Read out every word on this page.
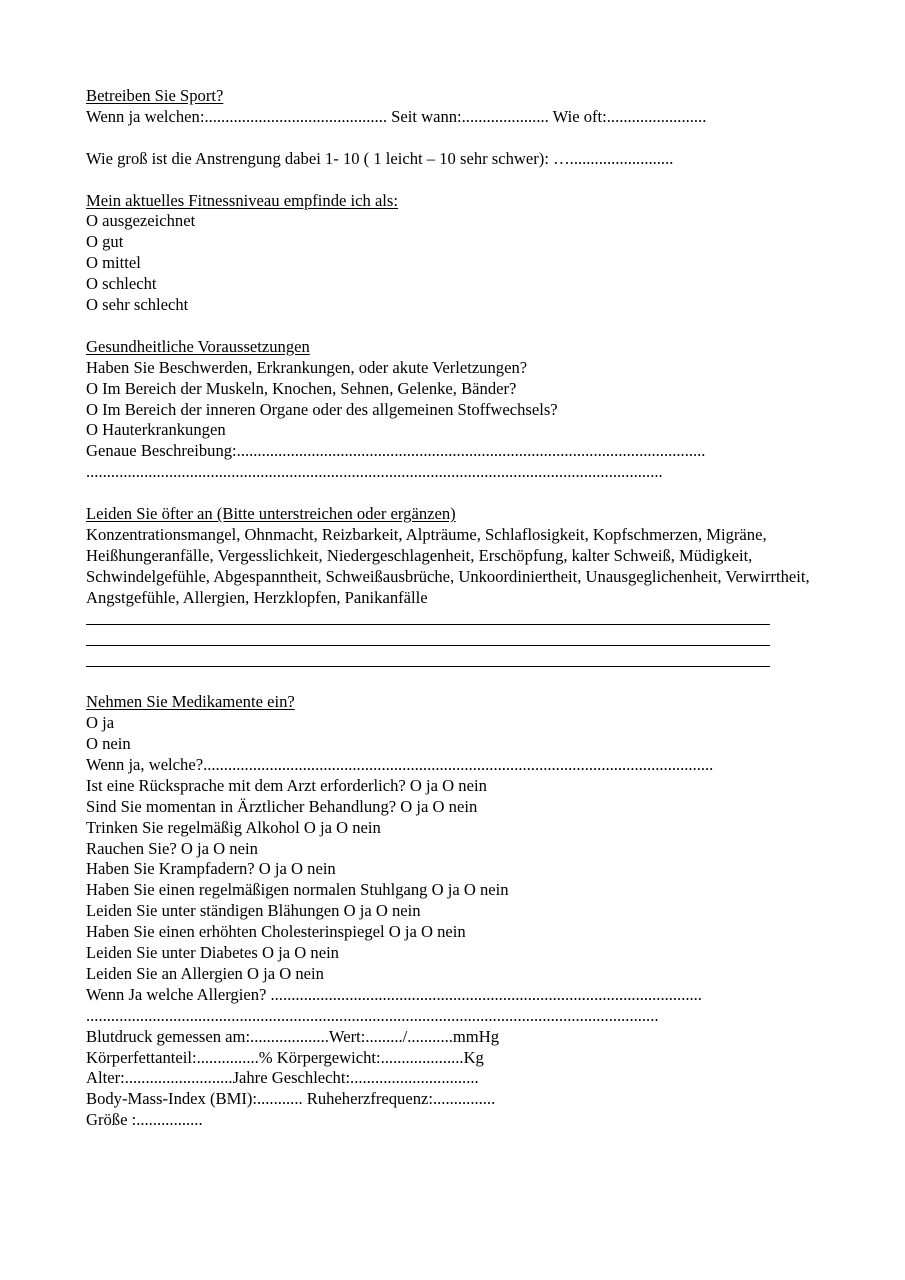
Betreiben Sie Sport?

Wenn ja welchen:............................................ Seit wann:..................... Wie oft:........................

Wie groß ist die Anstrengung dabei 1- 10 ( 1 leicht – 10 sehr schwer): ….........................

Mein aktuelles Fitnessniveau empfinde ich als:

O ausgezeichnet

O gut

O mittel

O schlecht

O sehr schlecht

Gesundheitliche Voraussetzungen

Haben Sie Beschwerden, Erkrankungen, oder akute Verletzungen?

O Im Bereich der Muskeln, Knochen, Sehnen, Gelenke, Bänder?

O Im Bereich der inneren Organe oder des allgemeinen Stoffwechsels?

O Hauterkrankungen

Genaue Beschreibung:.................................................................................................................

...........................................................................................................................................

Leiden Sie öfter an (Bitte unterstreichen oder ergänzen)

Konzentrationsmangel, Ohnmacht, Reizbarkeit, Alpträume, Schlaflosigkeit, Kopfschmerzen, Migräne, Heißhungeranfälle, Vergesslichkeit, Niedergeschlagenheit, Erschöpfung, kalter Schweiß, Müdigkeit, Schwindelgefühle, Abgespanntheit, Schweißausbrüche, Unkoordiniertheit, Unausgeglichenheit, Verwirrtheit, Angstgefühle, Allergien, Herzklopfen, Panikanfälle

Nehmen Sie Medikamente ein?

O ja

O nein

Wenn ja, welche?...........................................................................................................................

Ist eine Rücksprache mit dem Arzt erforderlich? O ja O nein

Sind Sie momentan in Ärztlicher Behandlung? O ja O nein

Trinken Sie regelmäßig Alkohol O ja O nein

Rauchen Sie? O ja O nein

Haben Sie Krampfadern? O ja O nein

Haben Sie einen regelmäßigen normalen Stuhlgang O ja O nein

Leiden Sie unter ständigen Blähungen O ja O nein

Haben Sie einen erhöhten Cholesterinspiegel O ja O nein

Leiden Sie unter Diabetes O ja O nein

Leiden Sie an Allergien O ja O nein

Wenn Ja welche Allergien? ........................................................................................................

..........................................................................................................................................

Blutdruck gemessen am:...................Wert:........./...........mmHg

Körperfettanteil:...............% Körpergewicht:....................Kg

Alter:..........................Jahre Geschlecht:...............................

Body-Mass-Index (BMI):........... Ruheherzfrequenz:...............

Größe :................
